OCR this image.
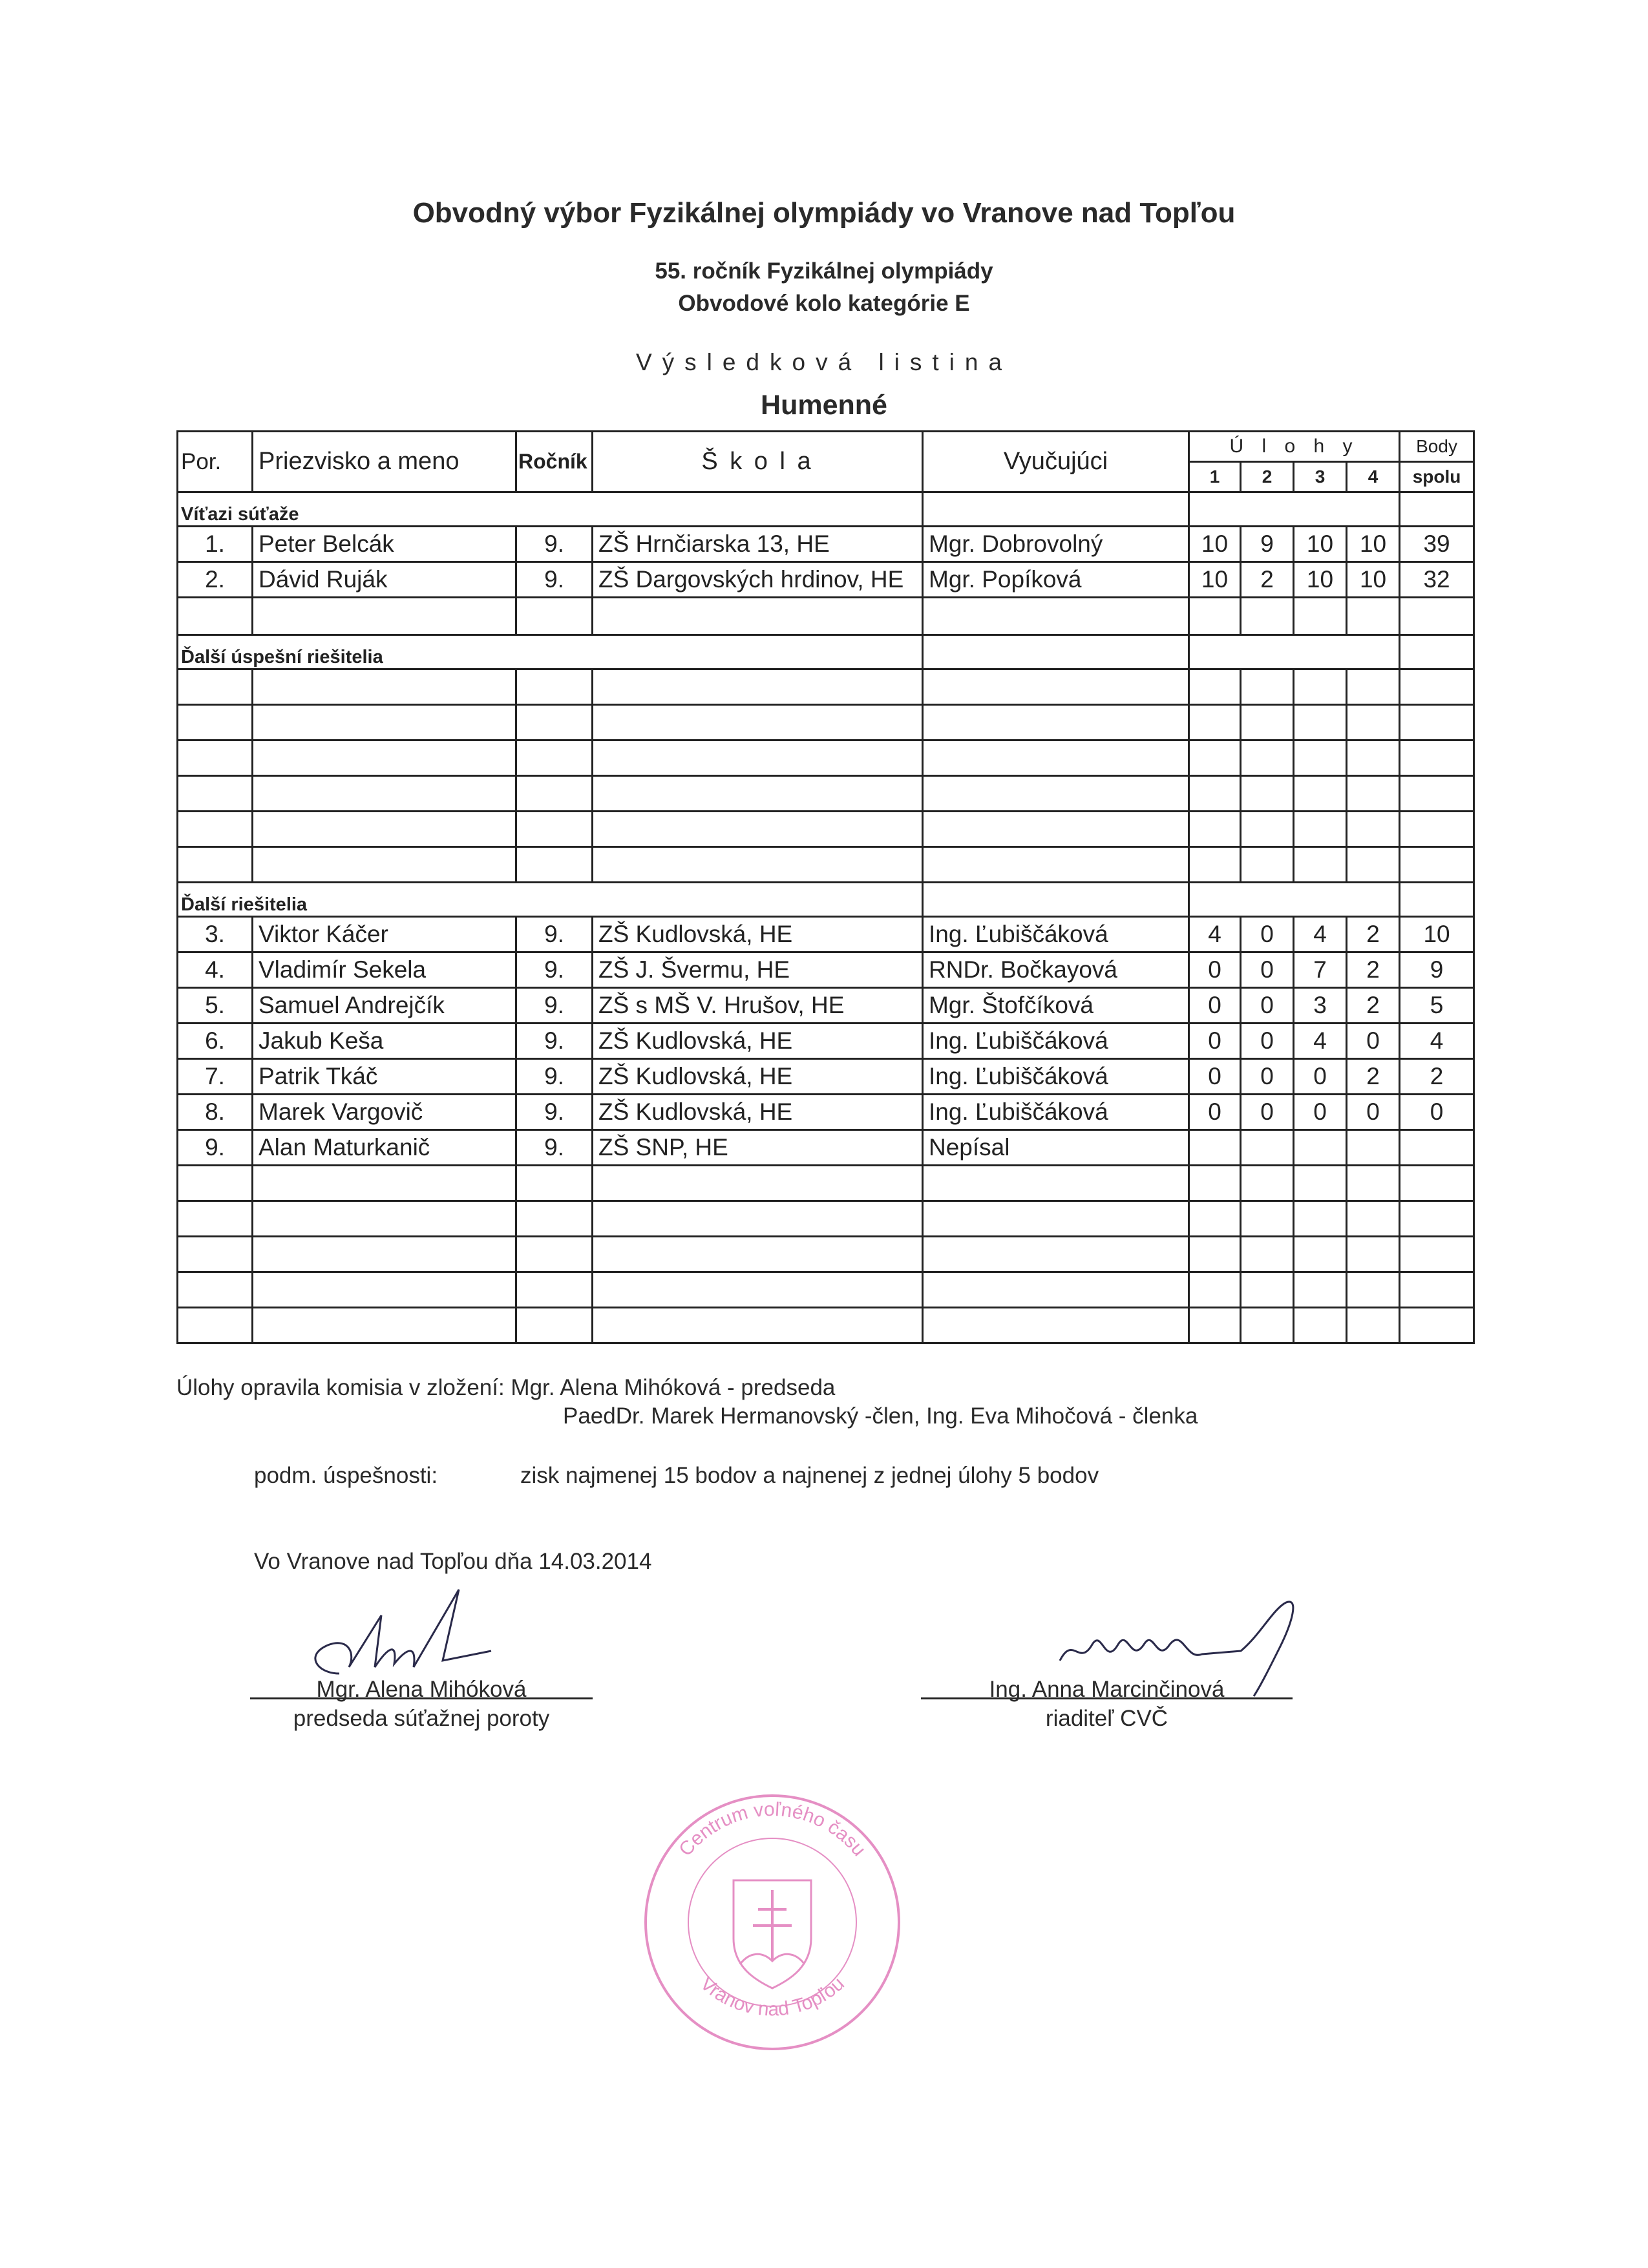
Obvodný výbor Fyzikálnej olympiády vo Vranove nad Topľou
55. ročník Fyzikálnej olympiády
Obvodové kolo kategórie E
Výsledková listina
Humenné
Por.	Priezvisko a meno	Ročník	Š k o l a	Vyučujúci	Ú l o h y				Body
					1	2	3	4	spolu
Víťazi súťaže									
1.	Peter Belcák	9.	ZŠ Hrnčiarska 13, HE	Mgr. Dobrovolný	10	9	10	10	39
2.	Dávid Ruják	9.	ZŠ Dargovských hrdinov, HE	Mgr. Popíková	10	2	10	10	32

Ďalší úspešní riešitelia									

Ďalší riešitelia									
3.	Viktor Káčer	9.	ZŠ Kudlovská, HE	Ing. Ľubiščáková	4	0	4	2	10
4.	Vladimír Sekela	9.	ZŠ J. Švermu, HE	RNDr. Bočkayová	0	0	7	2	9
5.	Samuel Andrejčík	9.	ZŠ s MŠ V. Hrušov, HE	Mgr. Štofčíková	0	0	3	2	5
6.	Jakub Keša	9.	ZŠ Kudlovská, HE	Ing. Ľubiščáková	0	0	4	0	4
7.	Patrik Tkáč	9.	ZŠ Kudlovská, HE	Ing. Ľubiščáková	0	0	0	2	2
8.	Marek Vargovič	9.	ZŠ Kudlovská, HE	Ing. Ľubiščáková	0	0	0	0	0
9.	Alan Maturkanič	9.	ZŠ SNP, HE	Nepísal					

Úlohy opravila komisia v zložení: Mgr. Alena Mihóková - predseda
PaedDr. Marek Hermanovský -člen, Ing. Eva Mihočová - členka
podm. úspešnosti:	zisk najmenej 15 bodov a najnenej z jednej úlohy 5 bodov
Vo Vranove nad Topľou dňa 14.03.2014
Mgr. Alena Mihóková
predseda súťažnej poroty
Ing. Anna Marcinčinová
riaditeľ CVČ
Centrum voľného času
Vranov nad Topľou
